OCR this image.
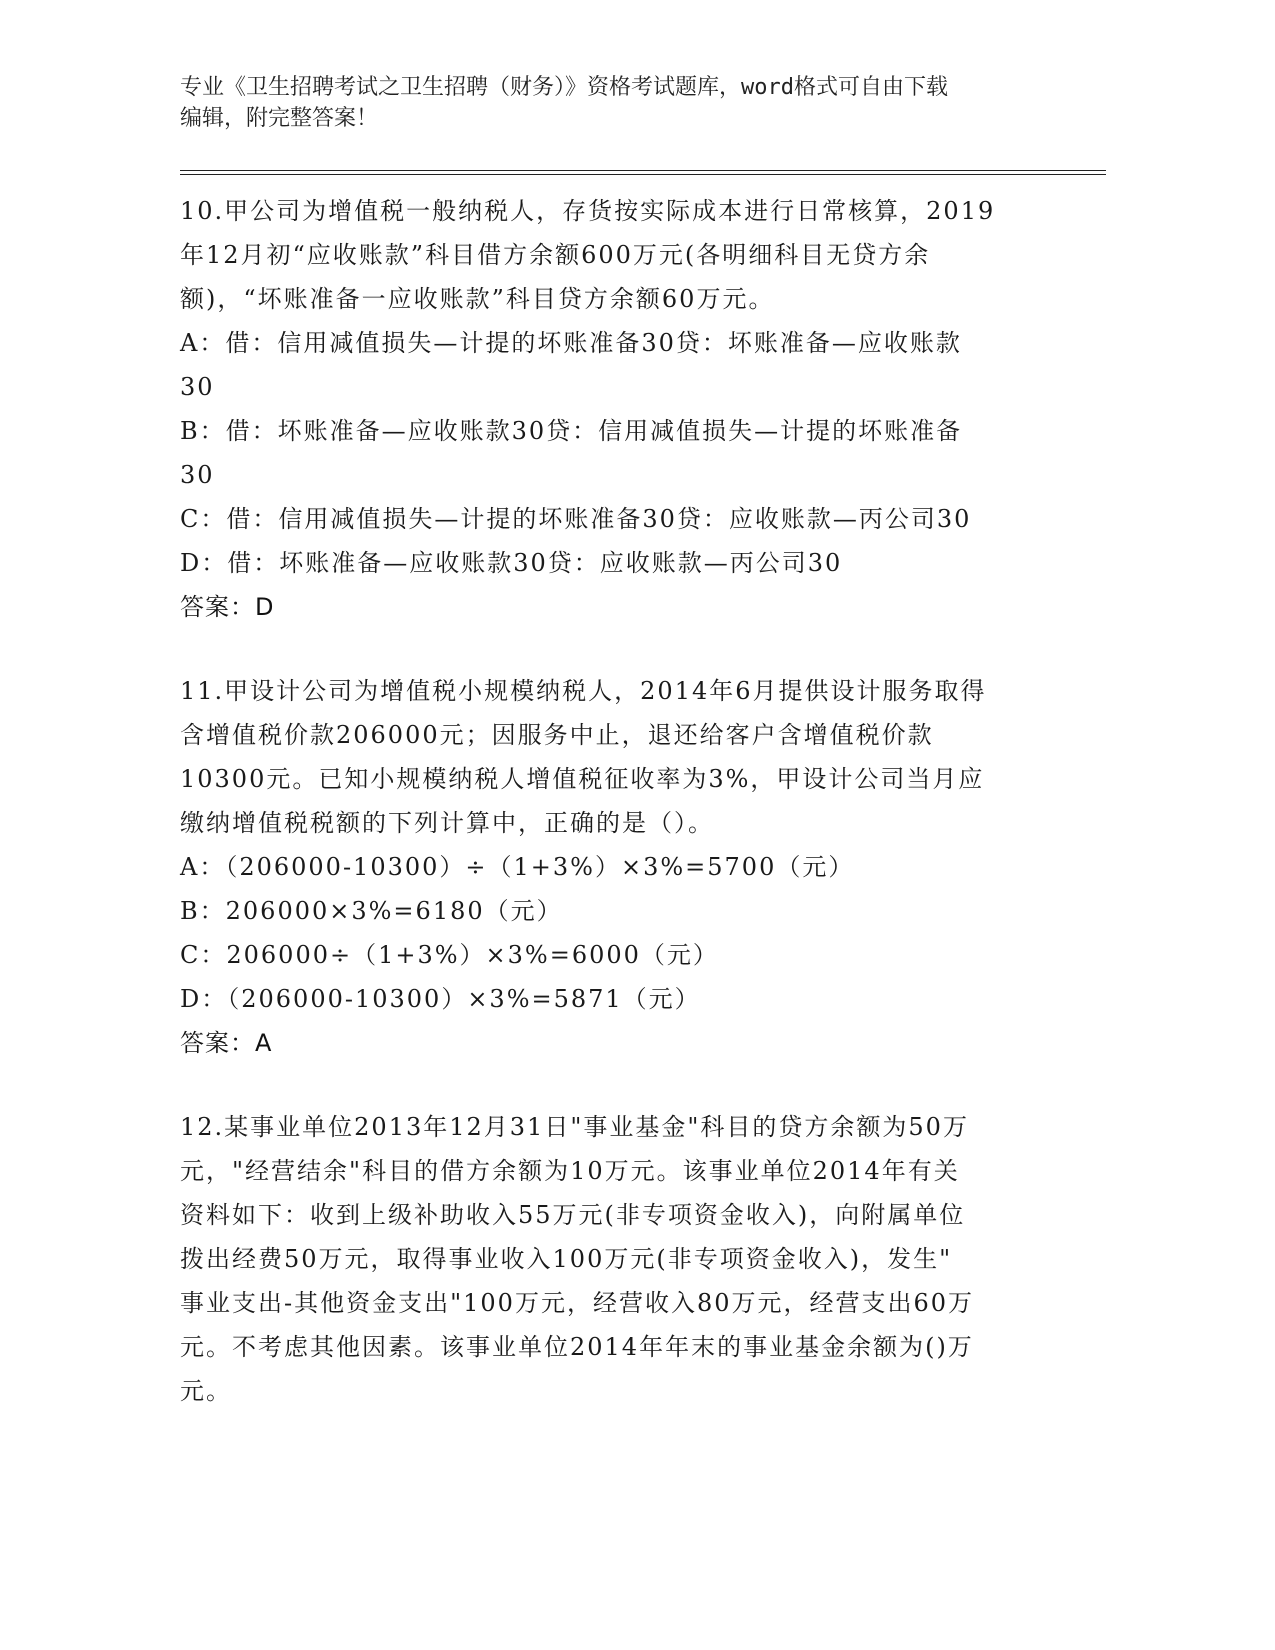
专业《卫生招聘考试之卫生招聘（财务）》资格考试题库，word格式可自由下载
编辑，附完整答案！
10.甲公司为增值税一般纳税人，存货按实际成本进行日常核算，2019
年12月初“应收账款”科目借方余额600万元(各明细科目无贷方余
额)，“坏账准备一应收账款”科目贷方余额60万元。
A：借：信用减值损失—计提的坏账准备30贷：坏账准备—应收账款
30
B：借：坏账准备—应收账款30贷：信用减值损失—计提的坏账准备
30
C：借：信用减值损失—计提的坏账准备30贷：应收账款—丙公司30
D：借：坏账准备—应收账款30贷：应收账款—丙公司30
答案：D
11.甲设计公司为增值税小规模纳税人，2014年6月提供设计服务取得
含增值税价款206000元；因服务中止，退还给客户含增值税价款
10300元。已知小规模纳税人增值税征收率为3%，甲设计公司当月应
缴纳增值税税额的下列计算中，正确的是（）。
A：（206000-10300）÷（1+3%）×3%=5700（元）
B：206000×3%=6180（元）
C：206000÷（1+3%）×3%=6000（元）
D：（206000-10300）×3%=5871（元）
答案：A
12.某事业单位2013年12月31日"事业基金"科目的贷方余额为50万
元，"经营结余"科目的借方余额为10万元。该事业单位2014年有关
资料如下：收到上级补助收入55万元(非专项资金收入)，向附属单位
拨出经费50万元，取得事业收入100万元(非专项资金收入)，发生"
事业支出-其他资金支出"100万元，经营收入80万元，经营支出60万
元。不考虑其他因素。该事业单位2014年年末的事业基金余额为()万
元。
